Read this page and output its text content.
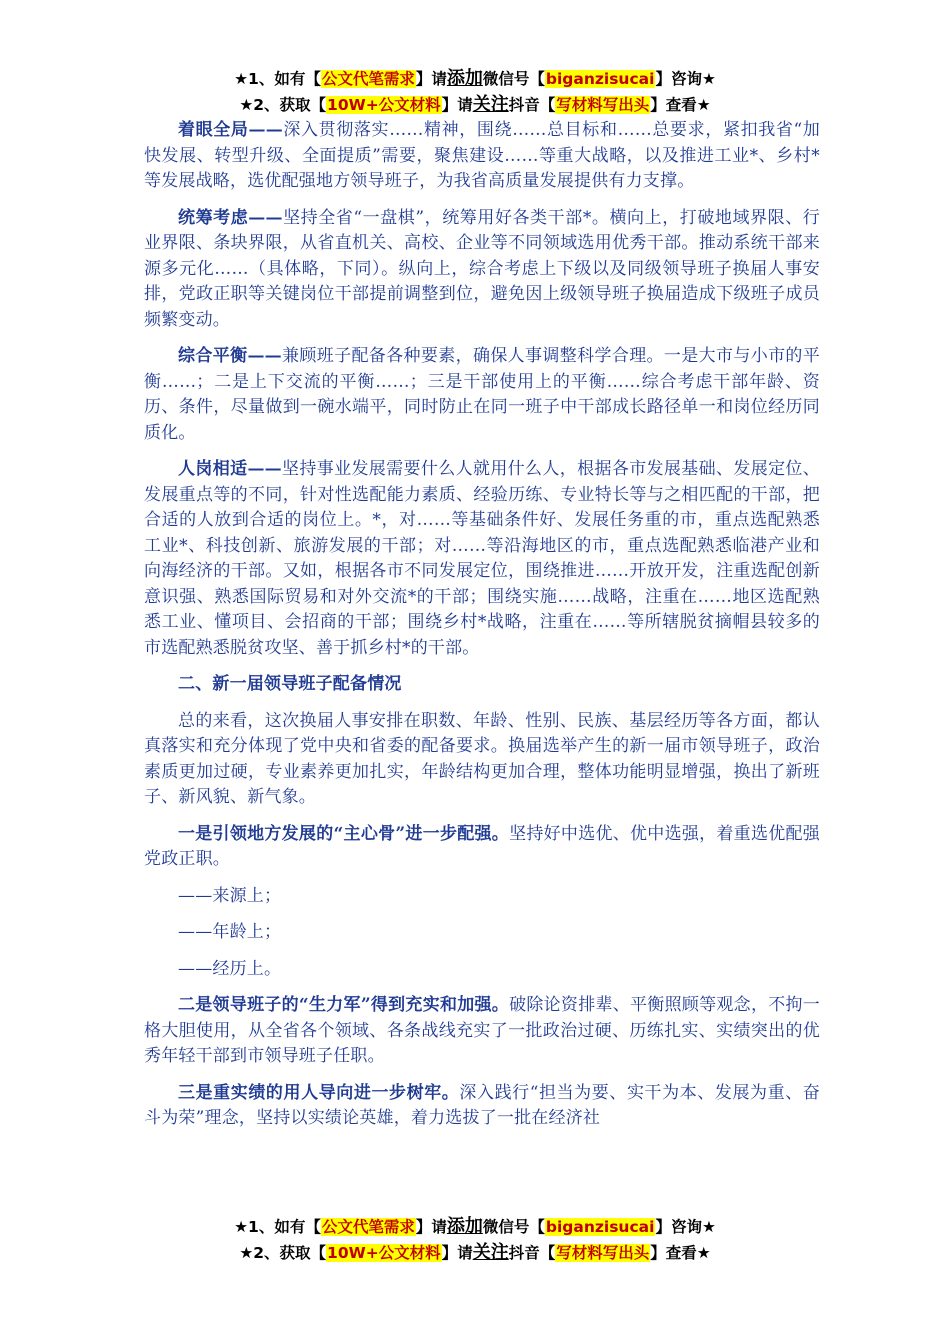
★1、如有【公文代笔需求】请添加微信号【biganzisucai】咨询★
★2、获取【10W+公文材料】请关注抖音【写材料写出头】查看★

着眼全局——深入贯彻落实……精神，围绕……总目标和……总要求，紧扣我省“加快发展、转型升级、全面提质”需要，聚焦建设……等重大战略，以及推进工业*、乡村*等发展战略，选优配强地方领导班子，为我省高质量发展提供有力支撑。

统筹考虑——坚持全省“一盘棋”，统筹用好各类干部*。横向上，打破地域界限、行业界限、条块界限，从省直机关、高校、企业等不同领域选用优秀干部。推动系统干部来源多元化……（具体略，下同）。纵向上，综合考虑上下级以及同级领导班子换届人事安排，党政正职等关键岗位干部提前调整到位，避免因上级领导班子换届造成下级班子成员频繁变动。

综合平衡——兼顾班子配备各种要素，确保人事调整科学合理。一是大市与小市的平衡……；二是上下交流的平衡……；三是干部使用上的平衡……综合考虑干部年龄、资历、条件，尽量做到一碗水端平，同时防止在同一班子中干部成长路径单一和岗位经历同质化。

人岗相适——坚持事业发展需要什么人就用什么人，根据各市发展基础、发展定位、发展重点等的不同，针对性选配能力素质、经验历练、专业特长等与之相匹配的干部，把合适的人放到合适的岗位上。*，对……等基础条件好、发展任务重的市，重点选配熟悉工业*、科技创新、旅游发展的干部；对……等沿海地区的市，重点选配熟悉临港产业和向海经济的干部。又如，根据各市不同发展定位，围绕推进……开放开发，注重选配创新意识强、熟悉国际贸易和对外交流*的干部；围绕实施……战略，注重在……地区选配熟悉工业、懂项目、会招商的干部；围绕乡村*战略，注重在……等所辖脱贫摘帽县较多的市选配熟悉脱贫攻坚、善于抓乡村*的干部。

二、新一届领导班子配备情况

总的来看，这次换届人事安排在职数、年龄、性别、民族、基层经历等各方面，都认真落实和充分体现了党中央和省委的配备要求。换届选举产生的新一届市领导班子，政治素质更加过硬，专业素养更加扎实，年龄结构更加合理，整体功能明显增强，换出了新班子、新风貌、新气象。

一是引领地方发展的“主心骨”进一步配强。坚持好中选优、优中选强，着重选优配强党政正职。

——来源上；

——年龄上；

——经历上。

二是领导班子的“生力军”得到充实和加强。破除论资排辈、平衡照顾等观念，不拘一格大胆使用，从全省各个领域、各条战线充实了一批政治过硬、历练扎实、实绩突出的优秀年轻干部到市领导班子任职。

三是重实绩的用人导向进一步树牢。深入践行“担当为要、实干为本、发展为重、奋斗为荣”理念，坚持以实绩论英雄，着力选拔了一批在经济社

★1、如有【公文代笔需求】请添加微信号【biganzisucai】咨询★
★2、获取【10W+公文材料】请关注抖音【写材料写出头】查看★
